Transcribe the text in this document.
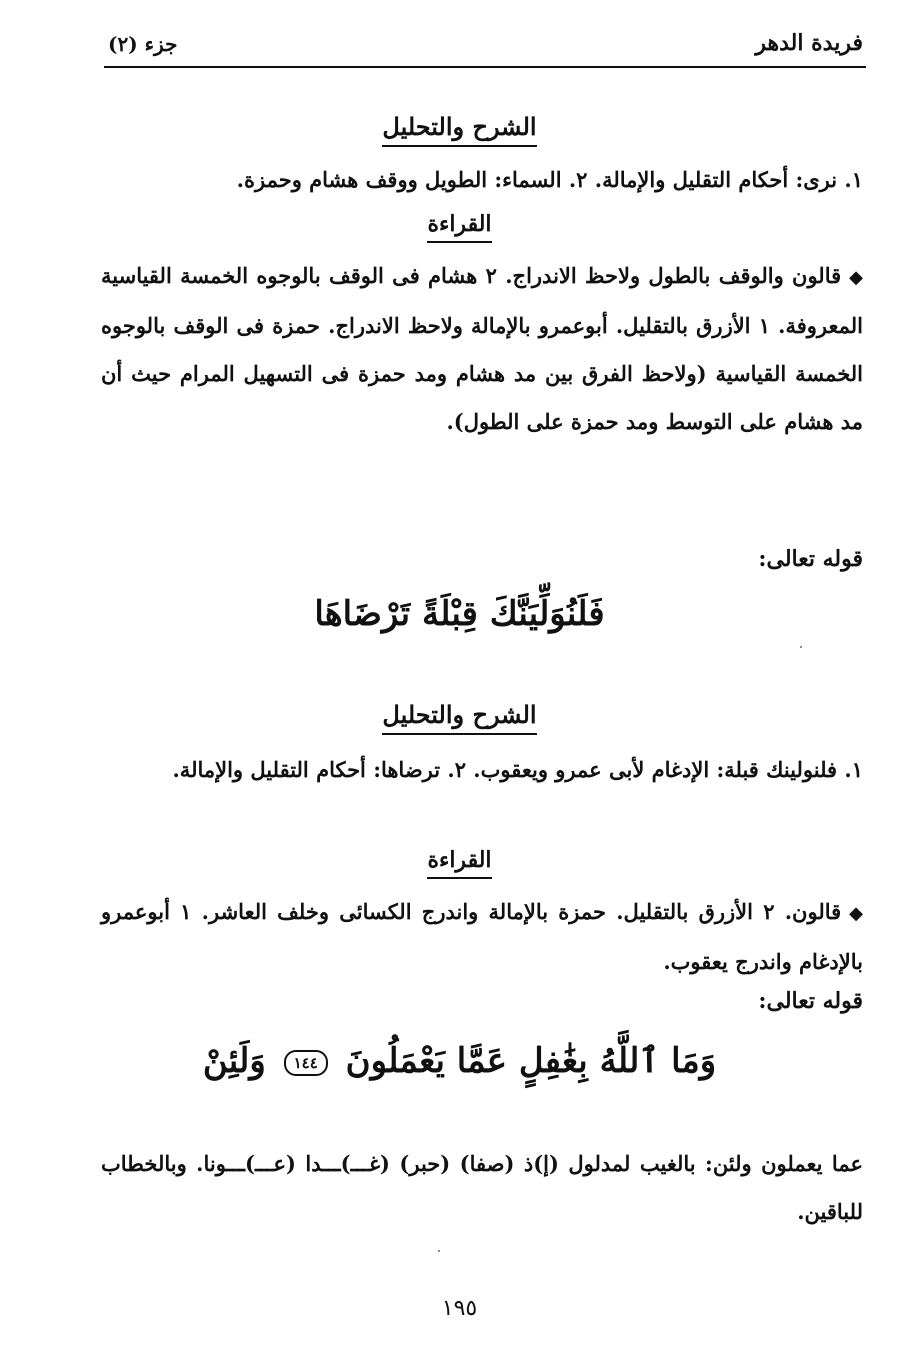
فريدة الدهر
جزء (٢)
الشرح والتحليل
١. نرى: أحكام التقليل والإمالة. ٢. السماء: الطويل ووقف هشام وحمزة.
القراءة
◆قالون والوقف بالطول ولاحظ الاندراج. ٢ هشام فى الوقف بالوجوه الخمسة القياسية المعروفة. ١ الأزرق بالتقليل. أبوعمرو بالإمالة ولاحظ الاندراج. حمزة فى الوقف بالوجوه الخمسة القياسية (ولاحظ الفرق بين مد هشام ومد حمزة فى التسهيل المرام حيث أن مد هشام على التوسط ومد حمزة على الطول).
قوله تعالى:
فَلَنُوَلِّيَنَّكَ قِبْلَةً تَرْضَاهَا
الشرح والتحليل
١. فلنولينك قبلة: الإدغام لأبى عمرو ويعقوب. ٢. ترضاها: أحكام التقليل والإمالة.
القراءة
◆قالون. ٢ الأزرق بالتقليل. حمزة بالإمالة واندرج الكسائى وخلف العاشر. ١ أبوعمرو بالإدغام واندرج يعقوب.
قوله تعالى:
وَمَا ٱللَّهُ بِغَٰفِلٍ عَمَّا يَعْمَلُونَ ١٤٤ وَلَئِنْ
عما يعملون ولئن: بالغيب لمدلول (إ)ذ (صفا) (حبر) (غـــ)ـــدا (عـــ)ـــونا. وبالخطاب للباقين.
١٩٥
